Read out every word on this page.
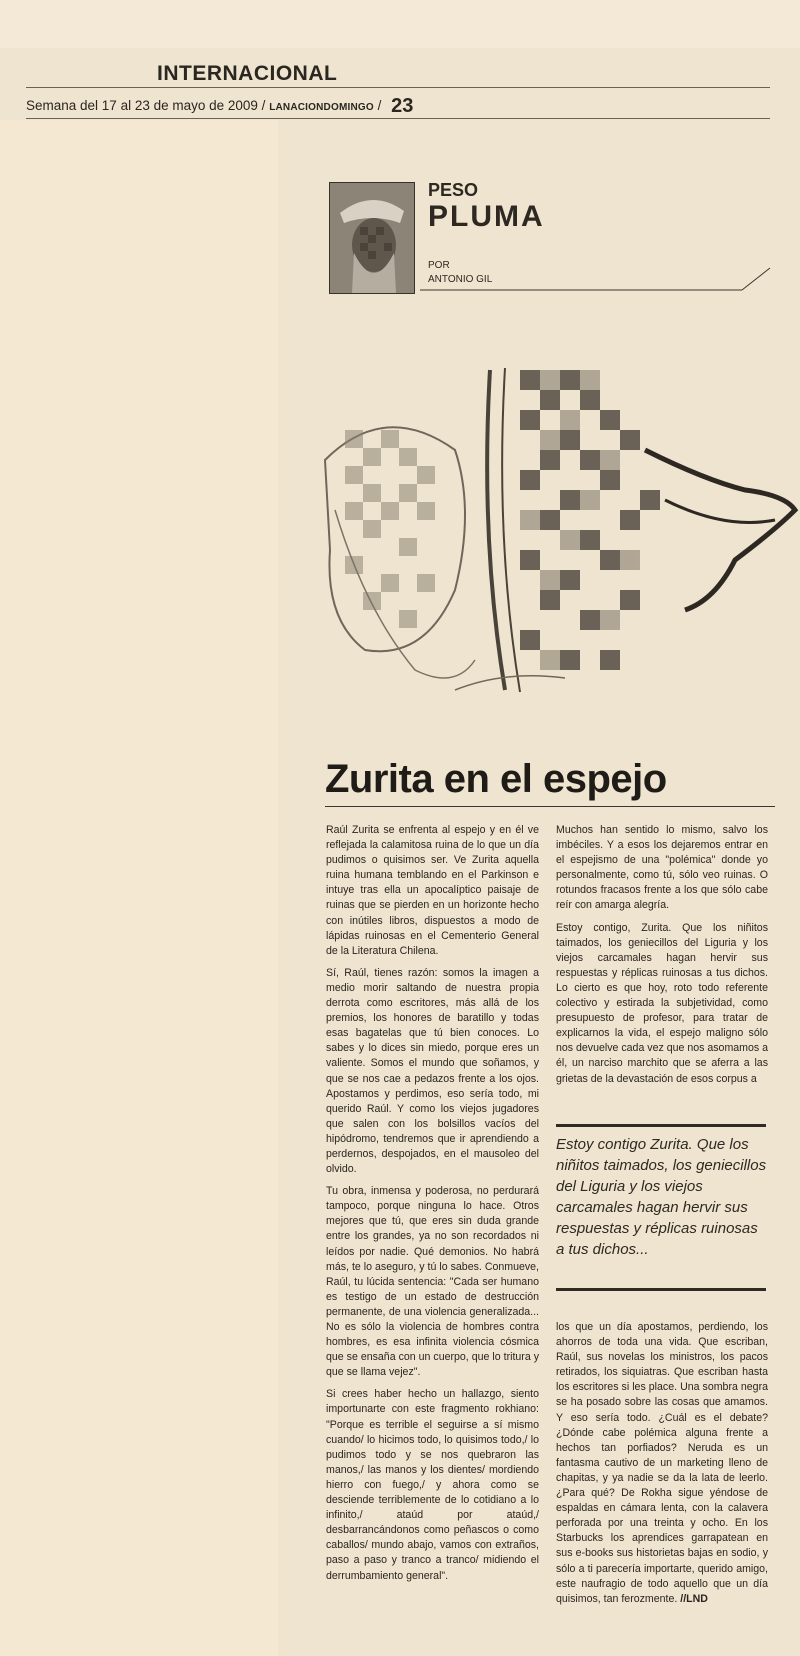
INTERNACIONAL
Semana del 17 al 23 de mayo de 2009 / LANACIONDOMINGO / 23
PESO
PLUMA
POR
ANTONIO GIL
Zurita en el espejo

Raúl Zurita se enfrenta al espejo y en él ve reflejada la calamitosa ruina de lo que un día pudimos o quisimos ser. Ve Zurita aquella ruina humana temblando en el Parkinson e intuye tras ella un apocalíptico paisaje de ruinas que se pierden en un horizonte hecho con inútiles libros, dispuestos a modo de lápidas ruinosas en el Cementerio General de la Literatura Chilena.

Sí, Raúl, tienes razón: somos la imagen a medio morir saltando de nuestra propia derrota como escritores, más allá de los premios, los honores de baratillo y todas esas bagatelas que tú bien conoces. Lo sabes y lo dices sin miedo, porque eres un valiente. Somos el mundo que soñamos, y que se nos cae a pedazos frente a los ojos. Apostamos y perdimos, eso sería todo, mi querido Raúl. Y como los viejos jugadores que salen con los bolsillos vacíos del hipódromo, tendremos que ir aprendiendo a perdernos, despojados, en el mausoleo del olvido.

Tu obra, inmensa y poderosa, no perdurará tampoco, porque ninguna lo hace. Otros mejores que tú, que eres sin duda grande entre los grandes, ya no son recordados ni leídos por nadie. Qué demonios. No habrá más, te lo aseguro, y tú lo sabes. Conmueve, Raúl, tu lúcida sentencia: "Cada ser humano es testigo de un estado de destrucción permanente, de una violencia generalizada... No es sólo la violencia de hombres contra hombres, es esa infinita violencia cósmica que se ensaña con un cuerpo, que lo tritura y que se llama vejez".

Si crees haber hecho un hallazgo, siento importunarte con este fragmento rokhiano: "Porque es terrible el seguirse a sí mismo cuando/ lo hicimos todo, lo quisimos todo,/ lo pudimos todo y se nos quebraron las manos,/ las manos y los dientes/ mordiendo hierro con fuego,/ y ahora como se desciende terriblemente de lo cotidiano a lo infinito,/ ataúd por ataúd,/ desbarrancándonos como peñascos o como caballos/ mundo abajo, vamos con extraños, paso a paso y tranco a tranco/ midiendo el derrumbamiento general".

Muchos han sentido lo mismo, salvo los imbéciles. Y a esos los dejaremos entrar en el espejismo de una "polémica" donde yo personalmente, como tú, sólo veo ruinas. O rotundos fracasos frente a los que sólo cabe reír con amarga alegría.

Estoy contigo, Zurita. Que los niñitos taimados, los geniecillos del Liguria y los viejos carcamales hagan hervir sus respuestas y réplicas ruinosas a tus dichos. Lo cierto es que hoy, roto todo referente colectivo y estirada la subjetividad, como presupuesto de profesor, para tratar de explicarnos la vida, el espejo maligno sólo nos devuelve cada vez que nos asomamos a él, un narciso marchito que se aferra a las grietas de la devastación de esos corpus a

Estoy contigo Zurita. Que los niñitos taimados, los geniecillos del Liguria y los viejos carcamales hagan hervir sus respuestas y réplicas ruinosas a tus dichos...

los que un día apostamos, perdiendo, los ahorros de toda una vida. Que escriban, Raúl, sus novelas los ministros, los pacos retirados, los siquiatras. Que escriban hasta los escritores si les place. Una sombra negra se ha posado sobre las cosas que amamos. Y eso sería todo. ¿Cuál es el debate? ¿Dónde cabe polémica alguna frente a hechos tan porfiados? Neruda es un fantasma cautivo de un marketing lleno de chapitas, y ya nadie se da la lata de leerlo. ¿Para qué? De Rokha sigue yéndose de espaldas en cámara lenta, con la calavera perforada por una treinta y ocho. En los Starbucks los aprendices garrapatean en sus e-books sus historietas bajas en sodio, y sólo a ti parecería importarte, querido amigo, este naufragio de todo aquello que un día quisimos, tan ferozmente. //LND
